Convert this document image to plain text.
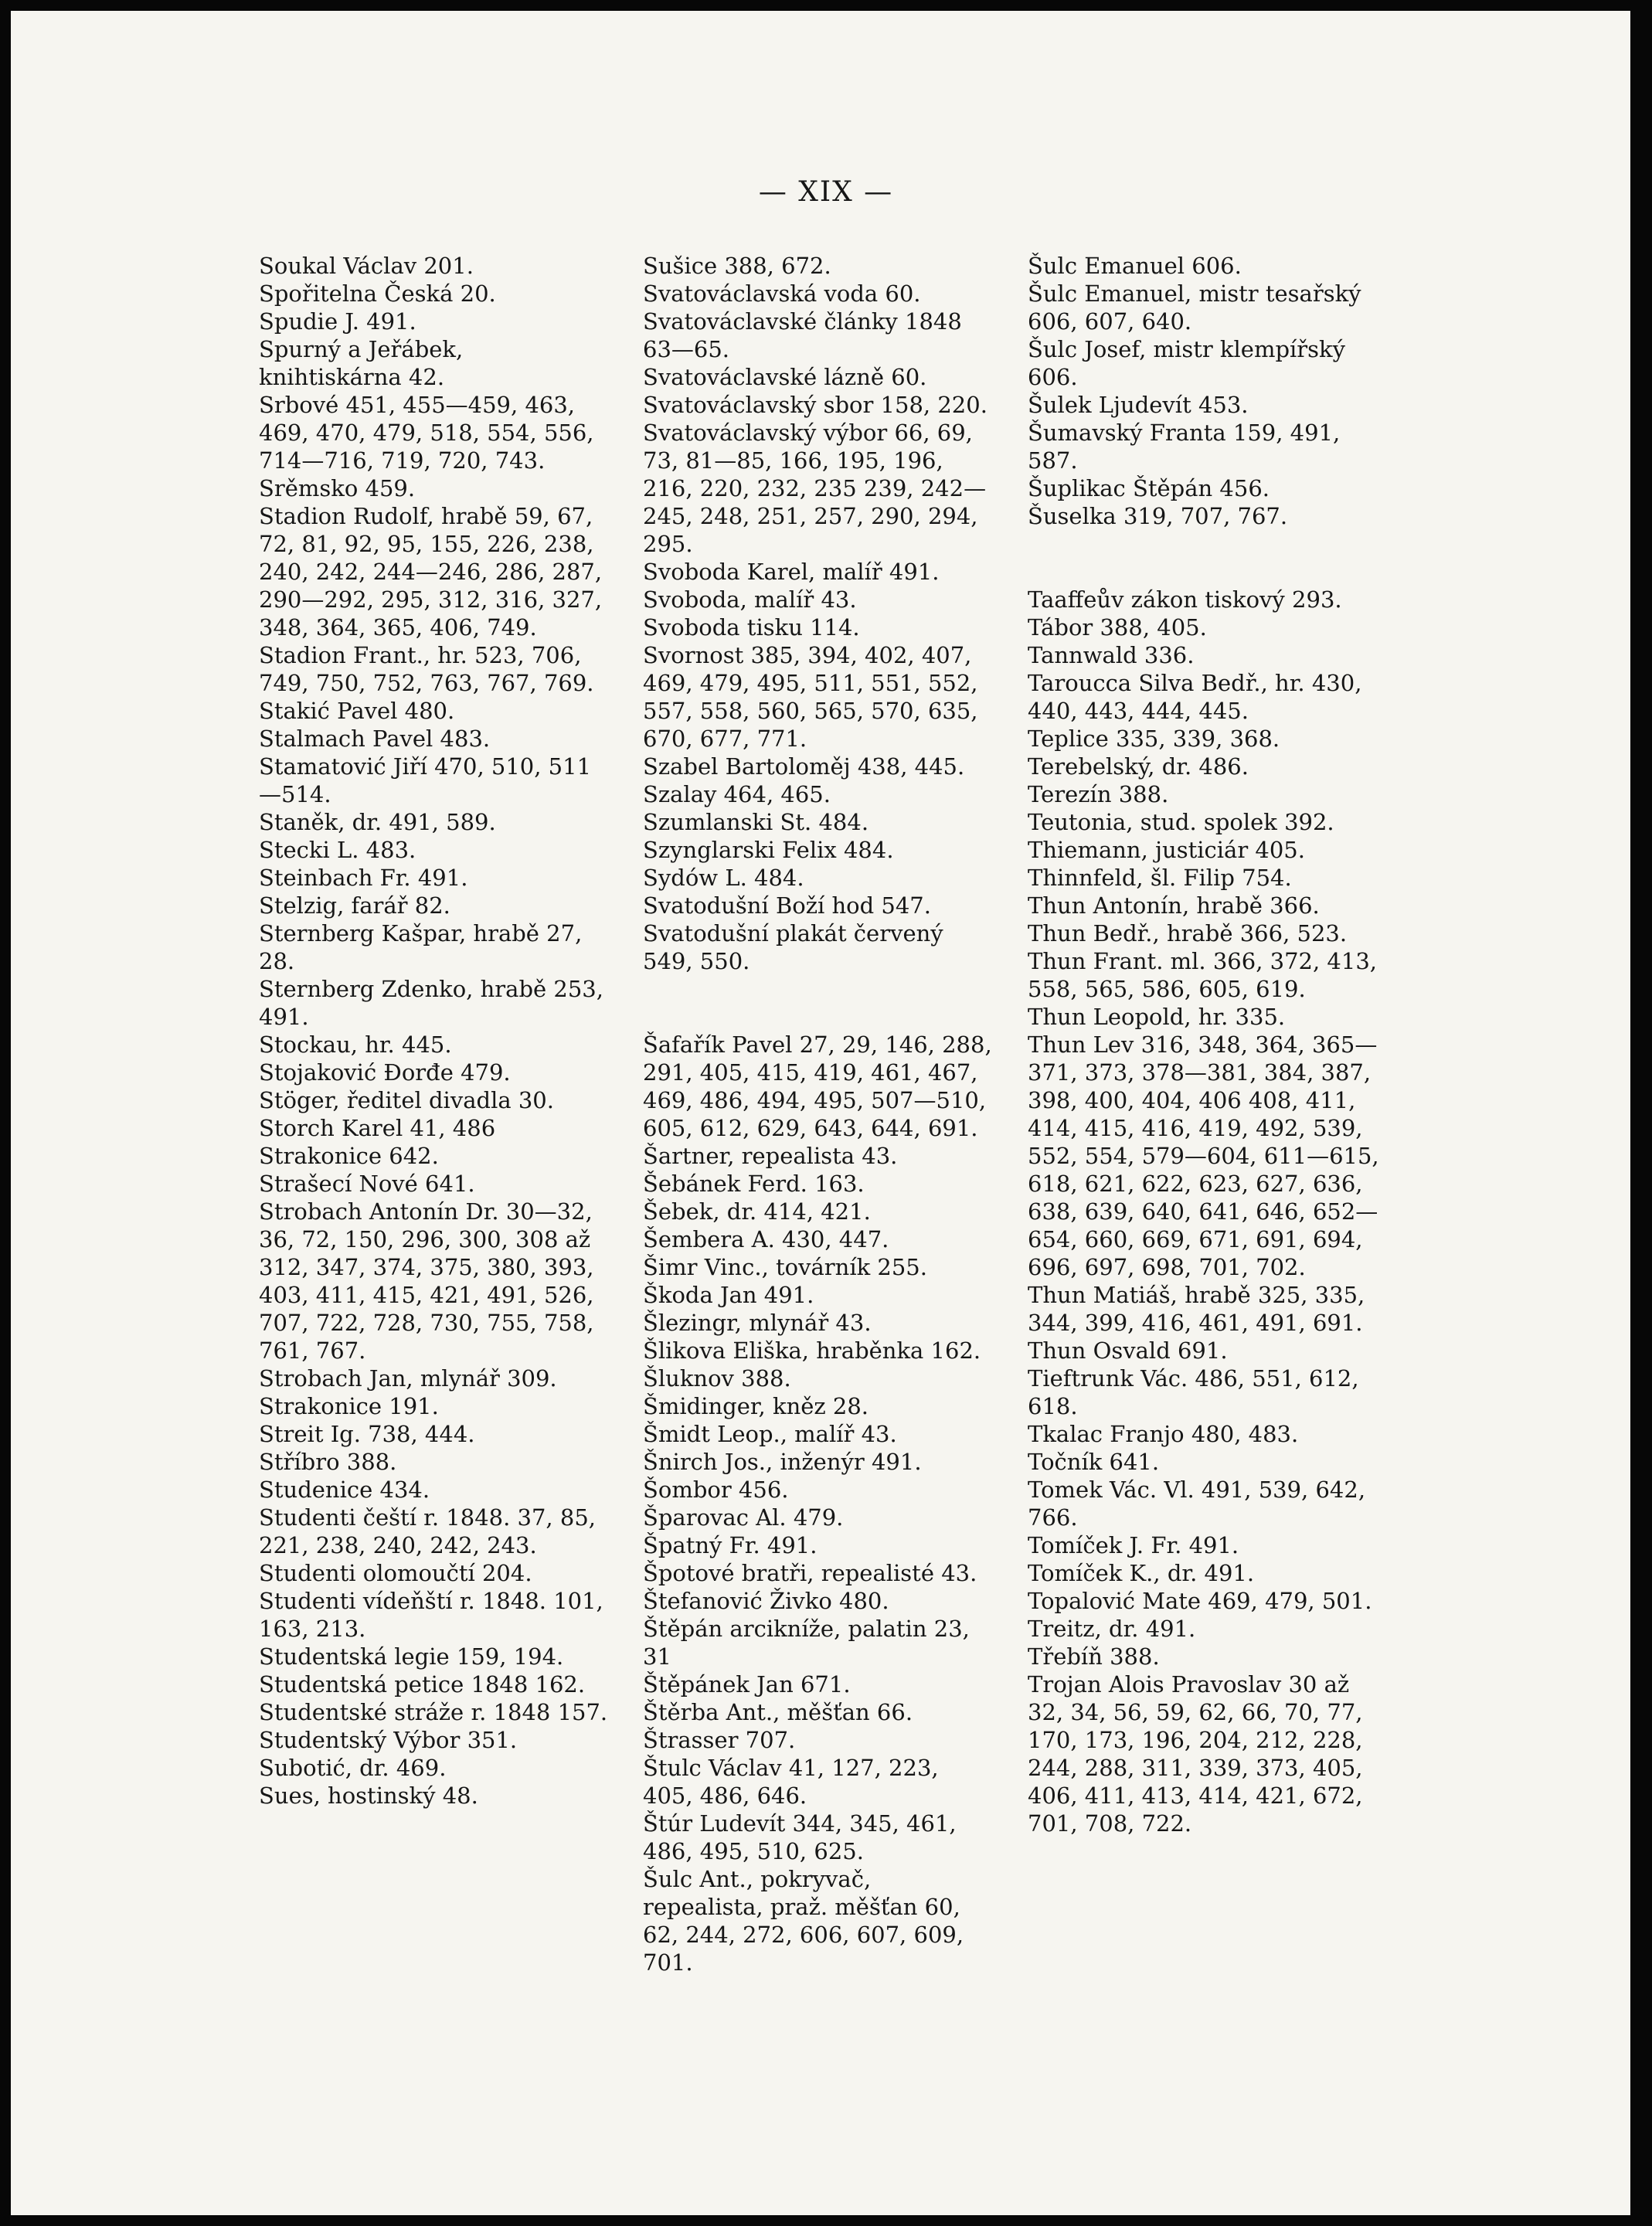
— XIX —
Soukal Václav 201.
Spořitelna Česká 20.
Spudie J. 491.
Spurný a Jeřábek, knihtiskárna 42.
Srbové 451, 455—459, 463, 469, 470, 479, 518, 554, 556, 714—716, 719, 720, 743.
Srěmsko 459.
Stadion Rudolf, hrabě 59, 67, 72, 81, 92, 95, 155, 226, 238, 240, 242, 244—246, 286, 287, 290—292, 295, 312, 316, 327, 348, 364, 365, 406, 749.
Stadion Frant., hr. 523, 706, 749, 750, 752, 763, 767, 769.
Stakić Pavel 480.
Stalmach Pavel 483.
Stamatović Jiří 470, 510, 511—514.
Staněk, dr. 491, 589.
Stecki L. 483.
Steinbach Fr. 491.
Stelzig, farář 82.
Sternberg Kašpar, hrabě 27, 28.
Sternberg Zdenko, hrabě 253, 491.
Stockau, hr. 445.
Stojaković Đorđe 479.
Stöger, ředitel divadla 30.
Storch Karel 41, 486
Strakonice 642.
Strašecí Nové 641.
Strobach Antonín Dr. 30—32, 36, 72, 150, 296, 300, 308 až 312, 347, 374, 375, 380, 393, 403, 411, 415, 421, 491, 526, 707, 722, 728, 730, 755, 758, 761, 767.
Strobach Jan, mlynář 309.
Strakonice 191.
Streit Ig. 738, 444.
Stříbro 388.
Studenice 434.
Studenti čeští r. 1848. 37, 85, 221, 238, 240, 242, 243.
Studenti olomoučtí 204.
Studenti vídeňští r. 1848. 101, 163, 213.
Studentská legie 159, 194.
Studentská petice 1848 162.
Studentské stráže r. 1848 157.
Studentský Výbor 351.
Subotić, dr. 469.
Sues, hostinský 48.
Sušice 388, 672.
Svatováclavská voda 60.
Svatováclavské články 1848 63—65.
Svatováclavské lázně 60.
Svatováclavský sbor 158, 220.
Svatováclavský výbor 66, 69, 73, 81—85, 166, 195, 196, 216, 220, 232, 235 239, 242—245, 248, 251, 257, 290, 294, 295.
Svoboda Karel, malíř 491.
Svoboda, malíř 43.
Svoboda tisku 114.
Svornost 385, 394, 402, 407, 469, 479, 495, 511, 551, 552, 557, 558, 560, 565, 570, 635, 670, 677, 771.
Szabel Bartoloměj 438, 445.
Szalay 464, 465.
Szumlanski St. 484.
Szynglarski Felix 484.
Sydów L. 484.
Svatodušní Boží hod 547.
Svatodušní plakát červený 549, 550.
Šafařík Pavel 27, 29, 146, 288, 291, 405, 415, 419, 461, 467, 469, 486, 494, 495, 507—510, 605, 612, 629, 643, 644, 691.
Šartner, repealista 43.
Šebánek Ferd. 163.
Šebek, dr. 414, 421.
Šembera A. 430, 447.
Šimr Vinc., továrník 255.
Škoda Jan 491.
Šlezingr, mlynář 43.
Šlikova Eliška, hraběnka 162.
Šluknov 388.
Šmidinger, kněz 28.
Šmidt Leop., malíř 43.
Šnirch Jos., inženýr 491.
Šombor 456.
Šparovac Al. 479.
Špatný Fr. 491.
Špotové bratři, repealisté 43.
Štefanović Živko 480.
Štěpán arcikníže, palatin 23, 31
Štěpánek Jan 671.
Štěrba Ant., měšťan 66.
Štrasser 707.
Štulc Václav 41, 127, 223, 405, 486, 646.
Štúr Ludevít 344, 345, 461, 486, 495, 510, 625.
Šulc Ant., pokryvač, repealista, praž. měšťan 60, 62, 244, 272, 606, 607, 609, 701.
Šulc Emanuel 606.
Šulc Emanuel, mistr tesařský 606, 607, 640.
Šulc Josef, mistr klempířský 606.
Šulek Ljudevít 453.
Šumavský Franta 159, 491, 587.
Šuplikac Štěpán 456.
Šuselka 319, 707, 767.
Taaffeův zákon tiskový 293.
Tábor 388, 405.
Tannwald 336.
Tarouсса Silva Bedř., hr. 430, 440, 443, 444, 445.
Teplice 335, 339, 368.
Terebelský, dr. 486.
Terezín 388.
Teutonia, stud. spolek 392.
Thiemann, justiciár 405.
Thinnfeld, šl. Filip 754.
Thun Antonín, hrabě 366.
Thun Bedř., hrabě 366, 523.
Thun Frant. ml. 366, 372, 413, 558, 565, 586, 605, 619.
Thun Leopold, hr. 335.
Thun Lev 316, 348, 364, 365—371, 373, 378—381, 384, 387, 398, 400, 404, 406 408, 411, 414, 415, 416, 419, 492, 539, 552, 554, 579—604, 611—615, 618, 621, 622, 623, 627, 636, 638, 639, 640, 641, 646, 652—654, 660, 669, 671, 691, 694, 696, 697, 698, 701, 702.
Thun Matiáš, hrabě 325, 335, 344, 399, 416, 461, 491, 691.
Thun Osvald 691.
Tieftrunk Vác. 486, 551, 612, 618.
Tkalac Franjo 480, 483.
Točník 641.
Tomek Vác. Vl. 491, 539, 642, 766.
Tomíček J. Fr. 491.
Tomíček K., dr. 491.
Topalović Mate 469, 479, 501.
Treitz, dr. 491.
Třebíň 388.
Trojan Alois Pravoslav 30 až 32, 34, 56, 59, 62, 66, 70, 77, 170, 173, 196, 204, 212, 228, 244, 288, 311, 339, 373, 405, 406, 411, 413, 414, 421, 672, 701, 708, 722.
